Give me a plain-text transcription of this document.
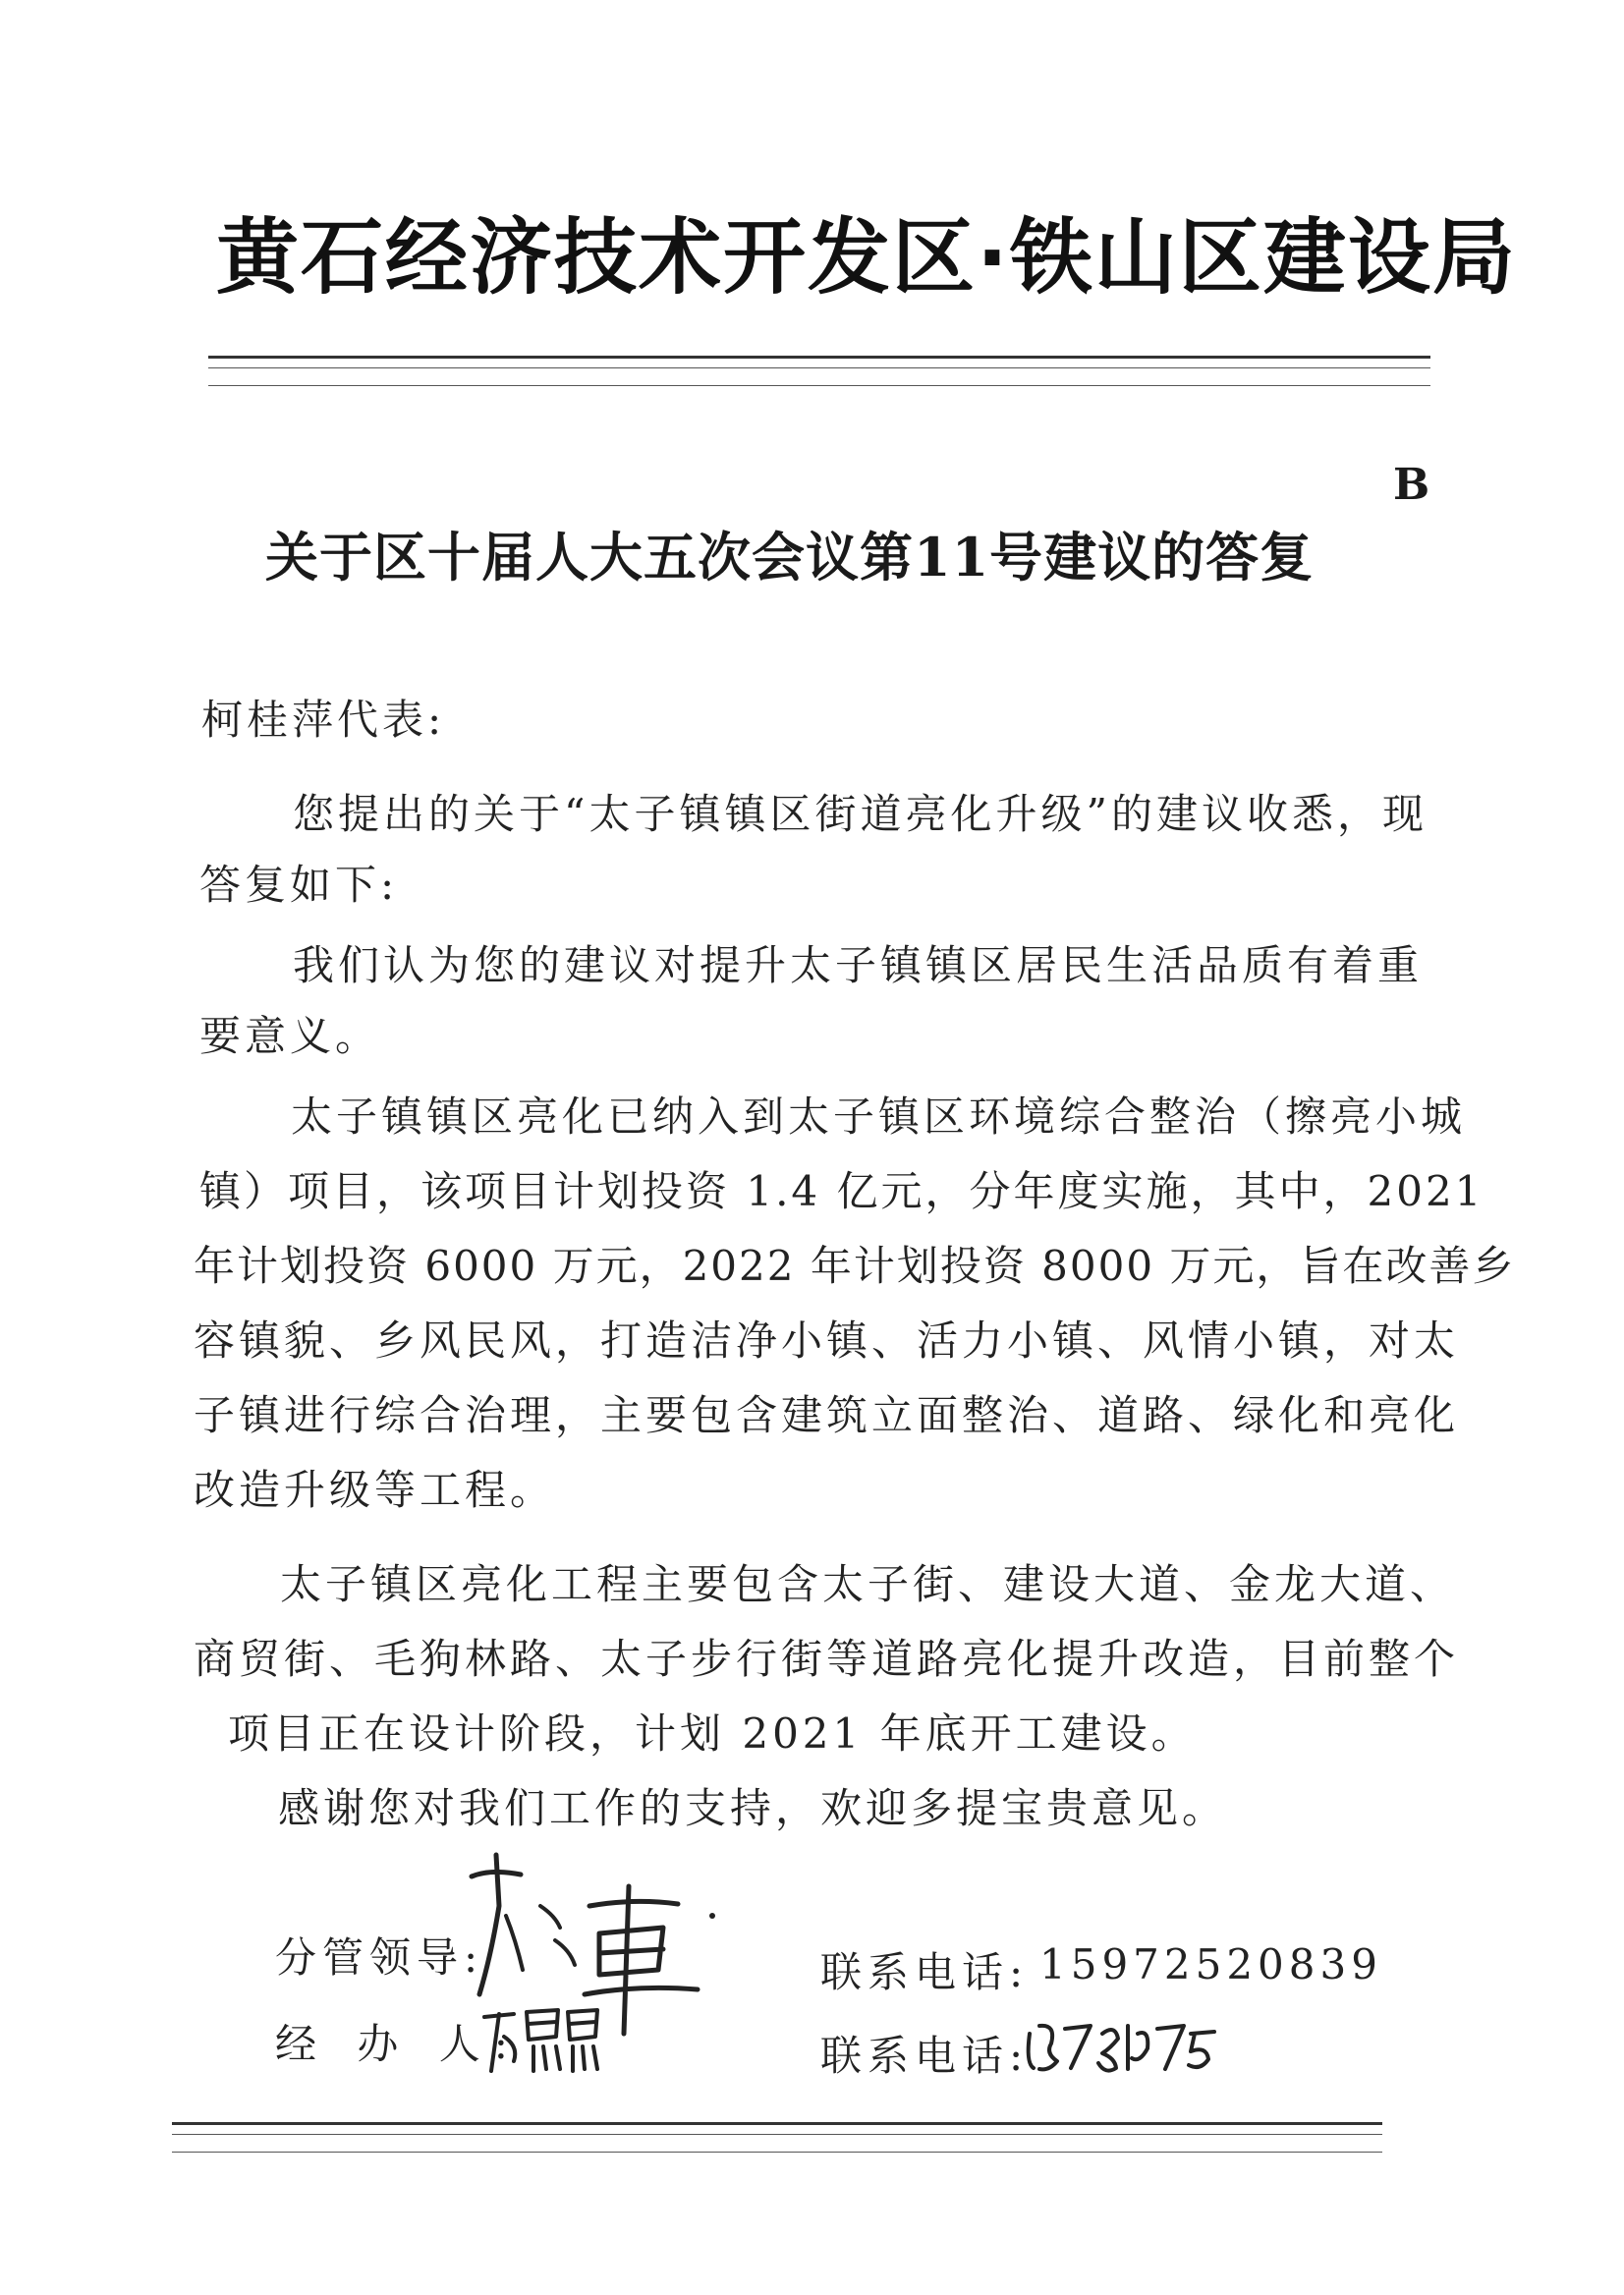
黄石经济技术开发区·铁山区建设局
B
关于区十届人大五次会议第11号建议的答复
柯桂萍代表:
您提出的关于“太子镇镇区街道亮化升级”的建议收悉，现
答复如下:
我们认为您的建议对提升太子镇镇区居民生活品质有着重
要意义。
太子镇镇区亮化已纳入到太子镇区环境综合整治（擦亮小城
镇）项目，该项目计划投资 1.4 亿元，分年度实施，其中，2021
年计划投资 6000 万元，2022 年计划投资 8000 万元，旨在改善乡
容镇貌、乡风民风，打造洁净小镇、活力小镇、风情小镇，对太
子镇进行综合治理，主要包含建筑立面整治、道路、绿化和亮化
改造升级等工程。
太子镇区亮化工程主要包含太子街、建设大道、金龙大道、
商贸街、毛狗林路、太子步行街等道路亮化提升改造，目前整个
项目正在设计阶段，计划 2021 年底开工建设。
感谢您对我们工作的支持，欢迎多提宝贵意见。
分管领导:	联系电话: 15972520839
经 办 人:	联系电话:
